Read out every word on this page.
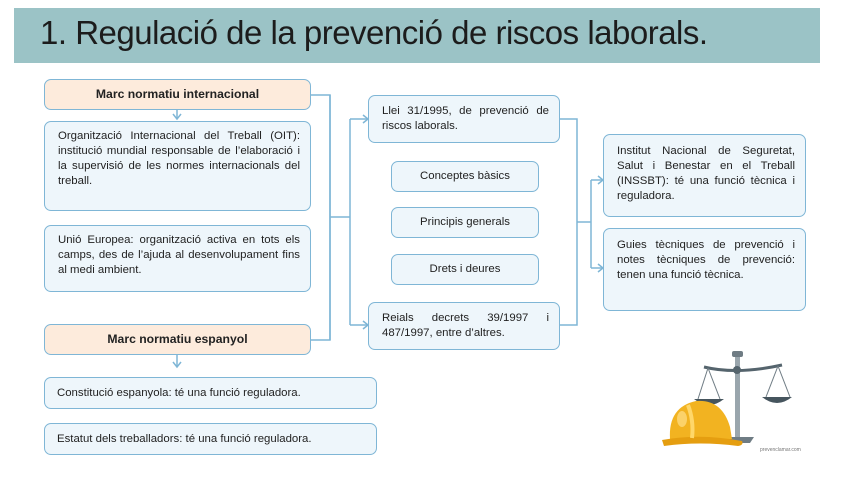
1. Regulació de la prevenció de riscos laborals.
Marc normatiu internacional
Organització Internacional del Treball (OIT): institució mundial responsable de l’elaboració i la supervisió de les normes internacionals del treball.
Unió Europea: organització activa en tots els camps, des de l’ajuda al desenvolupament fins al medi ambient.
Marc normatiu espanyol
Constitució espanyola: té una funció reguladora.
Estatut dels treballadors: té una funció reguladora.
Llei 31/1995, de prevenció de riscos laborals.
Conceptes bàsics
Principis generals
Drets i deures
Reials decrets 39/1997 i 487/1997, entre d’altres.
Institut Nacional de Seguretat, Salut i Benestar en el Treball (INSSBT): té una funció tècnica i reguladora.
Guies tècniques de prevenció i notes tècniques de prevenció: tenen una funció tècnica.
prevenclamar.com
